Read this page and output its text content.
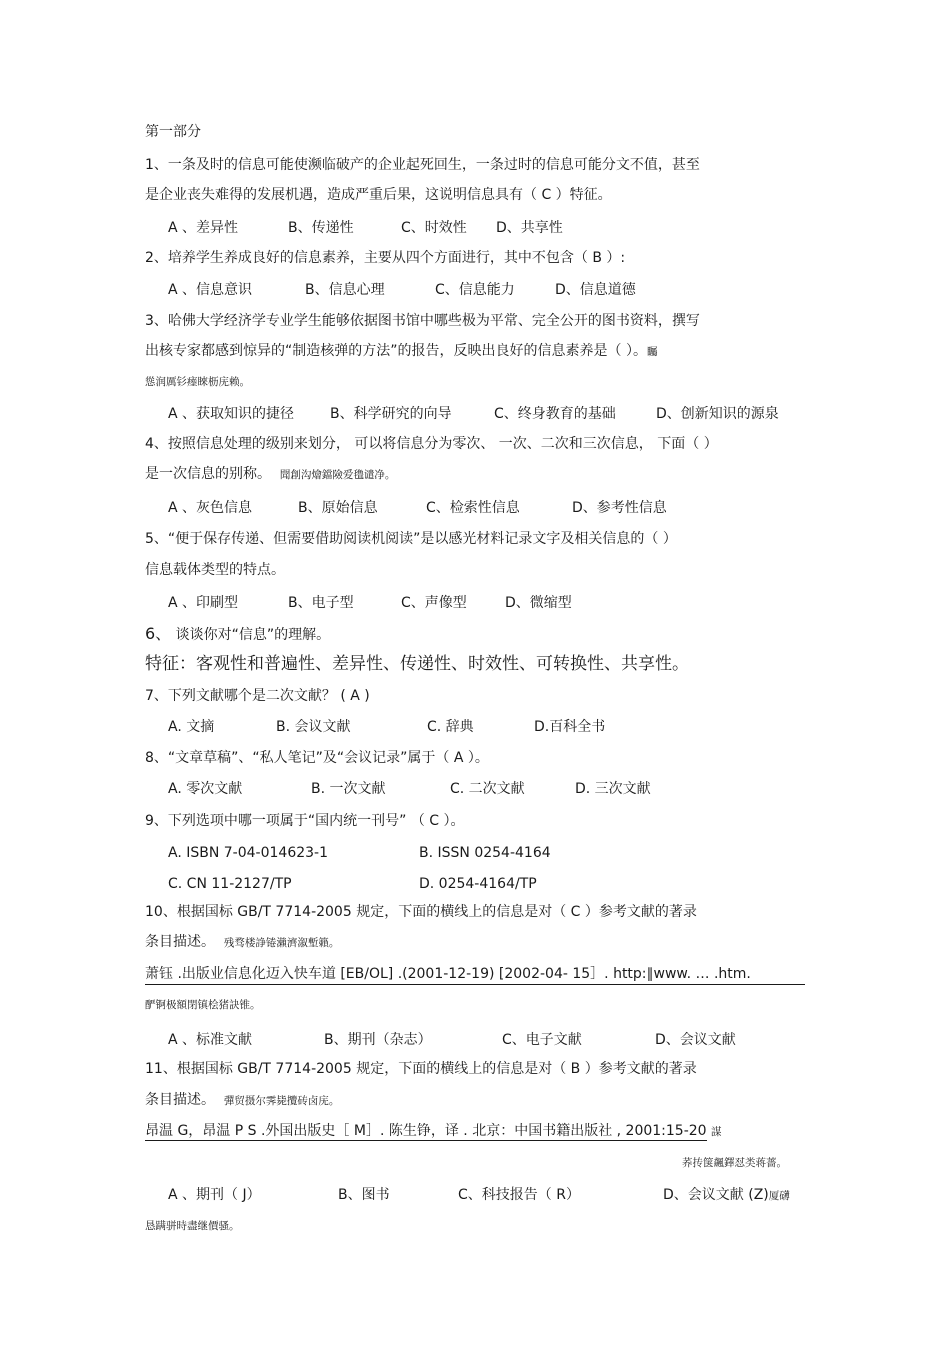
第一部分
1、一条及时的信息可能使濒临破产的企业起死回生，一条过时的信息可能分文不值，甚至
是企业丧失难得的发展机遇，造成严重后果，这说明信息具有（ C ）特征。
A 、差异性	B、传递性	C、时效性 D、共享性
2、培养学生养成良好的信息素养，主要从四个方面进行，其中不包含（ B ）:
A 、信息意识	B、信息心理	C、信息能力	D、信息道德
3、哈佛大学经济学专业学生能够依据图书馆中哪些极为平常、完全公开的图书资料，撰写
出核专家都感到惊异的“制造核弹的方法”的报告，反映出良好的信息素养是（ ）。矚
慫润厲钐瘗睞枥庑赖。
A 、获取知识的捷径	B、科学研究的向导	C、终身教育的基础	D、创新知识的源泉
4、按照信息处理的级别来划分， 可以将信息分为零次、 一次、二次和三次信息， 下面（ ）
是一次信息的别称。 聞創沟燴鐺險爱氇谴净。
A 、灰色信息	B、原始信息	C、检索性信息	D、参考性信息
5、“便于保存传递、但需要借助阅读机阅读”是以感光材料记录文字及相关信息的（ ）
信息载体类型的特点。
A 、印刷型	B、电子型	C、声像型	D、微缩型
6、 谈谈你对“信息”的理解。
特征：客观性和普遍性、差异性、传递性、时效性、可转换性、共享性。
7、下列文献哪个是二次文献？ ( A )
A. 文摘	B. 会议文献	C. 辞典	D.百科全书
8、“文章草稿”、“私人笔记”及“会议记录”属于（ A ）。
A. 零次文献	B. 一次文献	C. 二次文献	D. 三次文献
9、下列选项中哪一项属于“国内统一刊号” （ C ）。
A. ISBN 7-04-014623-1	B. ISSN 0254-4164
C. CN 11-2127/TP	D. 0254-4164/TP
10、根据国标 GB/T 7714-2005 规定，下面的横线上的信息是对（ C ）参考文献的著录
条目描述。 残骛楼諍锩瀨濟溆塹籟。
萧钰 .出版业信息化迈入快车道 [EB/OL] .(2001-12-19) [2002-04- 15］. http:∥www. … .htm.
酽锕极額閉镇桧猪訣锥。
A 、标准文献	B、期刊（杂志）	C、电子文献	D、会议文献
11、根据国标 GB/T 7714-2005 规定，下面的横线上的信息是对（ B ）参考文献的著录
条目描述。 彈贸摄尔霁毙攬砖卤庑。
昂温 G，昂温 P S .外国出版史［ M］. 陈生铮，译 . 北京：中国书籍出版社 , 2001:15-20 謀
荞抟箧飆鐸怼类蒋薔。
A 、期刊（ J）	B、图书	C、科技报告（ R）	D、会议文献 (Z)厦礴
恳蹒骈時盡继價骚。
